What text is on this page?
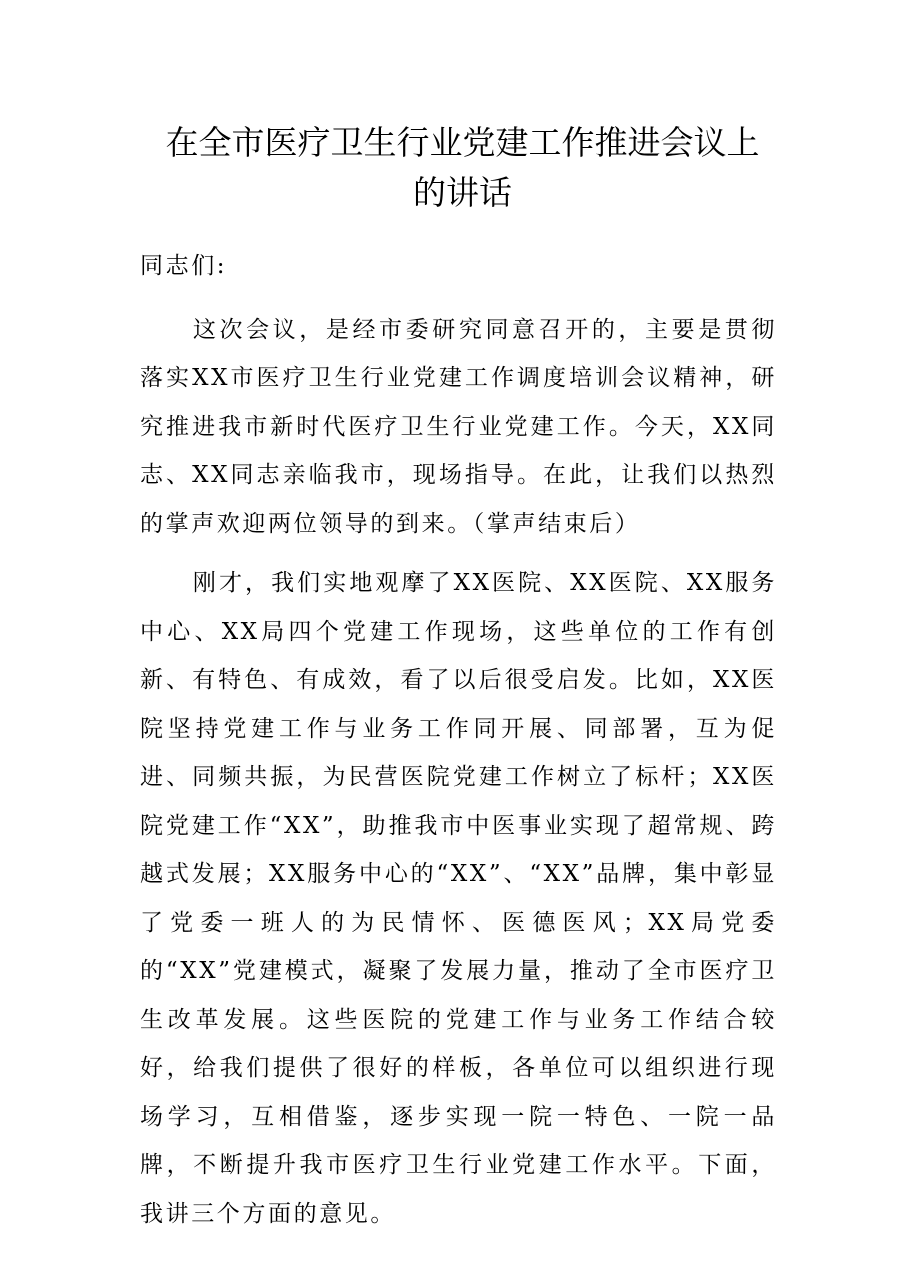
在全市医疗卫生行业党建工作推进会议上
的讲话

同志们:

这次会议，是经市委研究同意召开的，主要是贯彻落实XX市医疗卫生行业党建工作调度培训会议精神，研究推进我市新时代医疗卫生行业党建工作。今天，XX同志、XX同志亲临我市，现场指导。在此，让我们以热烈的掌声欢迎两位领导的到来。（掌声结束后）

刚才，我们实地观摩了XX医院、XX医院、XX服务中心、XX局四个党建工作现场，这些单位的工作有创新、有特色、有成效，看了以后很受启发。比如，XX医院坚持党建工作与业务工作同开展、同部署，互为促进、同频共振，为民营医院党建工作树立了标杆；XX医院党建工作“XX”，助推我市中医事业实现了超常规、跨越式发展；XX服务中心的“XX”、“XX”品牌，集中彰显了党委一班人的为民情怀、医德医风；XX局党委的“XX”党建模式，凝聚了发展力量，推动了全市医疗卫生改革发展。这些医院的党建工作与业务工作结合较好，给我们提供了很好的样板，各单位可以组织进行现场学习，互相借鉴，逐步实现一院一特色、一院一品牌，不断提升我市医疗卫生行业党建工作水平。下面，我讲三个方面的意见。
